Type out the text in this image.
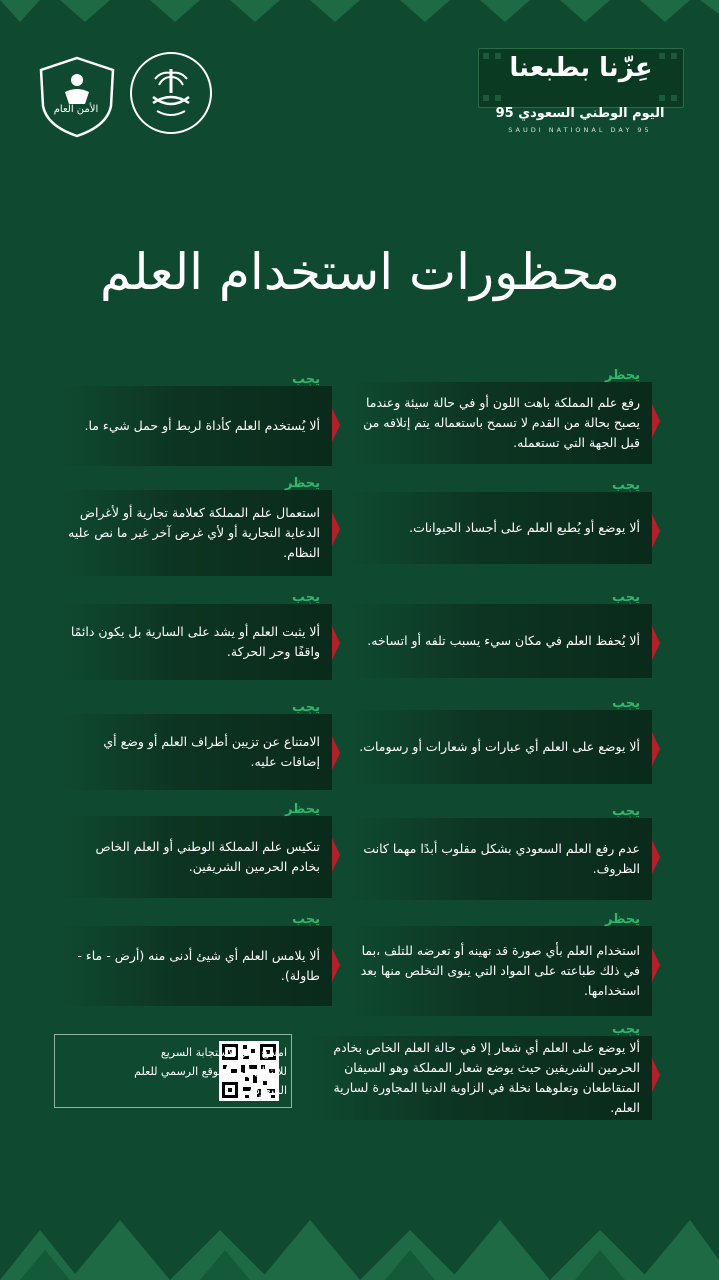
الأمن العام
عِزّنا بطبعنا
اليوم الوطني السعودي 95
SAUDI NATIONAL DAY 95
محظورات استخدام العلم
يحظر
رفع علم المملكة باهت اللون أو في حالة سيئة وعندما يصبح بحالة من القدم لا تسمح باستعماله يتم إتلافه من قبل الجهة التي تستعمله.
يجب
ألا يُستخدم العلم كأداة لربط أو حمل شيء ما.
يجب
ألا يوضع أو يُطبع العلم على أجساد الحيوانات.
يحظر
استعمال علم المملكة كعلامة تجارية أو لأغراض الدعاية التجارية أو لأي غرض آخر غير ما نص عليه النظام.
يجب
ألا يُحفظ العلم في مكان سيء يسبب تلفه أو اتساخه.
يجب
ألا يثبت العلم أو يشد على السارية بل يكون دائمًا واقفًا وحر الحركة.
يجب
ألا يوضع على العلم أي عبارات أو شعارات أو رسومات.
يجب
الامتناع عن تزيين أطراف العلم أو وضع أي إضافات عليه.
يجب
عدم رفع العلم السعودي بشكل مقلوب أبدًا مهما كانت الظروف.
يحظر
تنكيس علم المملكة الوطني أو العلم الخاص بخادم الحرمين الشريفين.
يحظر
استخدام العلم بأي صورة قد تهينه أو تعرضه للتلف ،بما في ذلك طباعته على المواد التي ينوى التخلص منها بعد استخدامها.
يجب
ألا يلامس العلم أي شيئ أدنى منه (أرض - ماء - طاولة).
يجب
ألا يوضع على العلم أي شعار إلا في حالة العلم الخاص بخادم الحرمين الشريفين حيث يوضع شعار المملكة وهو السيفان المتقاطعان وتعلوهما نخلة في الزاوية الدنيا المجاورة لسارية العلم.
امسح رمز الاستجابة السريع للانتقال إلى الموقع الرسمي للعلم السعودي
